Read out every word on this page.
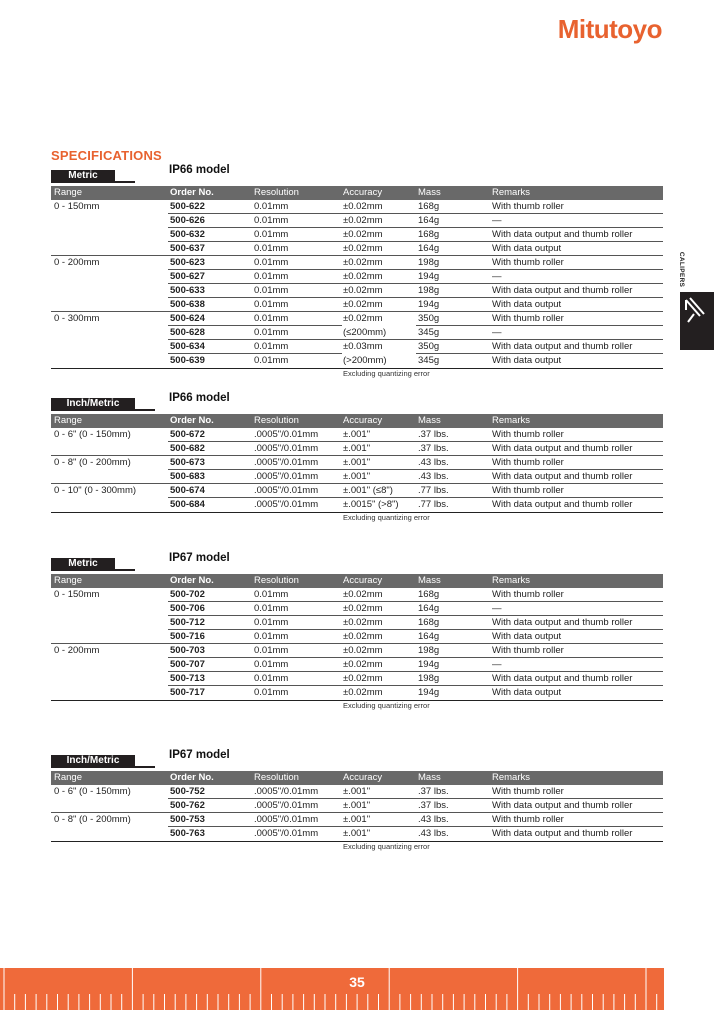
Mitutoyo
SPECIFICATIONS
CALIPERS
Metric	IP66 model
Range	Order No.	Resolution	Accuracy	Mass	Remarks
0 - 150mm	500-622	0.01mm	±0.02mm	168g	With thumb roller
500-626	0.01mm	±0.02mm	164g	—
500-632	0.01mm	±0.02mm	168g	With data output and thumb roller
500-637	0.01mm	±0.02mm	164g	With data output
0 - 200mm	500-623	0.01mm	±0.02mm	198g	With thumb roller
500-627	0.01mm	±0.02mm	194g	—
500-633	0.01mm	±0.02mm	198g	With data output and thumb roller
500-638	0.01mm	±0.02mm	194g	With data output
0 - 300mm	500-624	0.01mm	±0.02mm	350g	With thumb roller
500-628	0.01mm	(≤200mm)	345g	—
500-634	0.01mm	±0.03mm	350g	With data output and thumb roller
500-639	0.01mm	(>200mm)	345g	With data output
Excluding quantizing error
Inch/Metric	IP66 model
Range	Order No.	Resolution	Accuracy	Mass	Remarks
0 - 6" (0 - 150mm)	500-672	.0005"/0.01mm	±.001"	.37 lbs.	With thumb roller
500-682	.0005"/0.01mm	±.001"	.37 lbs.	With data output and thumb roller
0 - 8" (0 - 200mm)	500-673	.0005"/0.01mm	±.001"	.43 lbs.	With thumb roller
500-683	.0005"/0.01mm	±.001"	.43 lbs.	With data output and thumb roller
0 - 10" (0 - 300mm)	500-674	.0005"/0.01mm	±.001" (≤8")	.77 lbs.	With thumb roller
500-684	.0005"/0.01mm	±.0015" (>8") .77 lbs.	With data output and thumb roller
Excluding quantizing error
Metric	IP67 model
Range	Order No.	Resolution	Accuracy	Mass	Remarks
0 - 150mm	500-702	0.01mm	±0.02mm	168g	With thumb roller
500-706	0.01mm	±0.02mm	164g	—
500-712	0.01mm	±0.02mm	168g	With data output and thumb roller
500-716	0.01mm	±0.02mm	164g	With data output
0 - 200mm	500-703	0.01mm	±0.02mm	198g	With thumb roller
500-707	0.01mm	±0.02mm	194g	—
500-713	0.01mm	±0.02mm	198g	With data output and thumb roller
500-717	0.01mm	±0.02mm	194g	With data output
Excluding quantizing error
Inch/Metric	IP67 model
Range	Order No.	Resolution	Accuracy	Mass	Remarks
0 - 6" (0 - 150mm)	500-752	.0005"/0.01mm	±.001"	.37 lbs.	With thumb roller
500-762	.0005"/0.01mm	±.001"	.37 lbs.	With data output and thumb roller
0 - 8" (0 - 200mm)	500-753	.0005"/0.01mm	±.001"	.43 lbs.	With thumb roller
500-763	.0005"/0.01mm	±.001"	.43 lbs.	With data output and thumb roller
Excluding quantizing error
35
